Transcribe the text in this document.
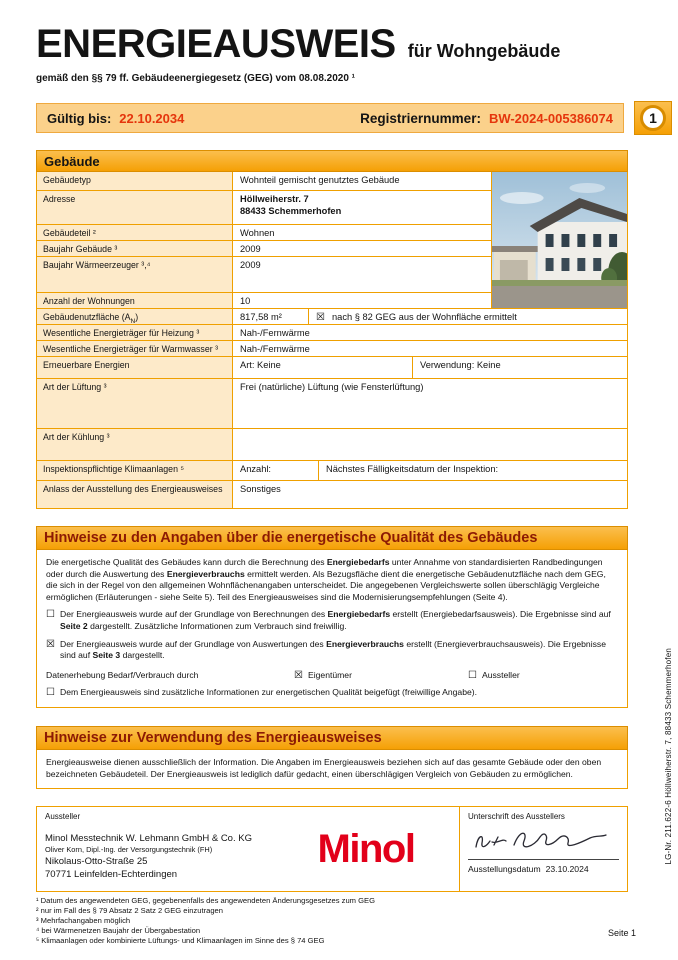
ENERGIEAUSWEIS für Wohngebäude
gemäß den §§ 79 ff. Gebäudeenergiegesetz (GEG) vom 08.08.2020 ¹
Gültig bis: 22.10.2034	Registriernummer: BW-2024-005386074	1
Gebäude
Gebäudetyp	Wohnteil gemischt genutztes Gebäude
Adresse	Höllweiherstr. 7
88433 Schemmerhofen
Gebäudeteil ²	Wohnen
Baujahr Gebäude ³	2009
Baujahr Wärmeerzeuger ³,⁴	2009
Anzahl der Wohnungen	10
Gebäudenutzfläche $(A_N)$	817,58 m²	☒ nach § 82 GEG aus der Wohnfläche ermittelt
Wesentliche Energieträger für Heizung ³	Nah-/Fernwärme
Wesentliche Energieträger für Warmwasser ³	Nah-/Fernwärme
Erneuerbare Energien	Art: Keine	Verwendung: Keine
Art der Lüftung ³	Frei (natürliche) Lüftung (wie Fensterlüftung)
Art der Kühlung ³
Inspektionspflichtige Klimaanlagen ⁵	Anzahl:	Nächstes Fälligkeitsdatum der Inspektion:
Anlass der Ausstellung des Energieausweises	Sonstiges
Hinweise zu den Angaben über die energetische Qualität des Gebäudes
Die energetische Qualität des Gebäudes kann durch die Berechnung des Energiebedarfs unter Annahme von standardisierten Randbedingungen oder durch die Auswertung des Energieverbrauchs ermittelt werden. Als Bezugsfläche dient die energetische Gebäudenutzfläche nach dem GEG, die sich in der Regel von den allgemeinen Wohnflächenangaben unterscheidet. Die angegebenen Vergleichswerte sollen überschlägig Vergleiche ermöglichen (Erläuterungen - siehe Seite 5). Teil des Energieausweises sind die Modernisierungsempfehlungen (Seite 4).
☐ Der Energieausweis wurde auf der Grundlage von Berechnungen des Energiebedarfs erstellt (Energiebedarfsausweis). Die Ergebnisse sind auf Seite 2 dargestellt. Zusätzliche Informationen zum Verbrauch sind freiwillig.
☒ Der Energieausweis wurde auf der Grundlage von Auswertungen des Energieverbrauchs erstellt (Energieverbrauchsausweis). Die Ergebnisse sind auf Seite 3 dargestellt.
Datenerhebung Bedarf/Verbrauch durch	☒ Eigentümer	☐ Aussteller
☐ Dem Energieausweis sind zusätzliche Informationen zur energetischen Qualität beigefügt (freiwillige Angabe).
Hinweise zur Verwendung des Energieausweises
Energieausweise dienen ausschließlich der Information. Die Angaben im Energieausweis beziehen sich auf das gesamte Gebäude oder den oben bezeichneten Gebäudeteil. Der Energieausweis ist lediglich dafür gedacht, einen überschlägigen Vergleich von Gebäuden zu ermöglichen.
Aussteller
Minol Messtechnik W. Lehmann GmbH & Co. KG
Oliver Korn, Dipl.-Ing. der Versorgungstechnik (FH)
Nikolaus-Otto-Straße 25
70771 Leinfelden-Echterdingen
Minol
Unterschrift des Ausstellers
Ausstellungsdatum 23.10.2024
¹ Datum des angewendeten GEG, gegebenenfalls des angewendeten Änderungsgesetzes zum GEG
² nur im Fall des § 79 Absatz 2 Satz 2 GEG einzutragen
³ Mehrfachangaben möglich
⁴ bei Wärmenetzen Baujahr der Übergabestation
⁵ Klimaanlagen oder kombinierte Lüftungs- und Klimaanlagen im Sinne des § 74 GEG
Seite 1
LG-Nr. 211.622-6 Höllweiherstr. 7, 88433 Schemmerhofen
